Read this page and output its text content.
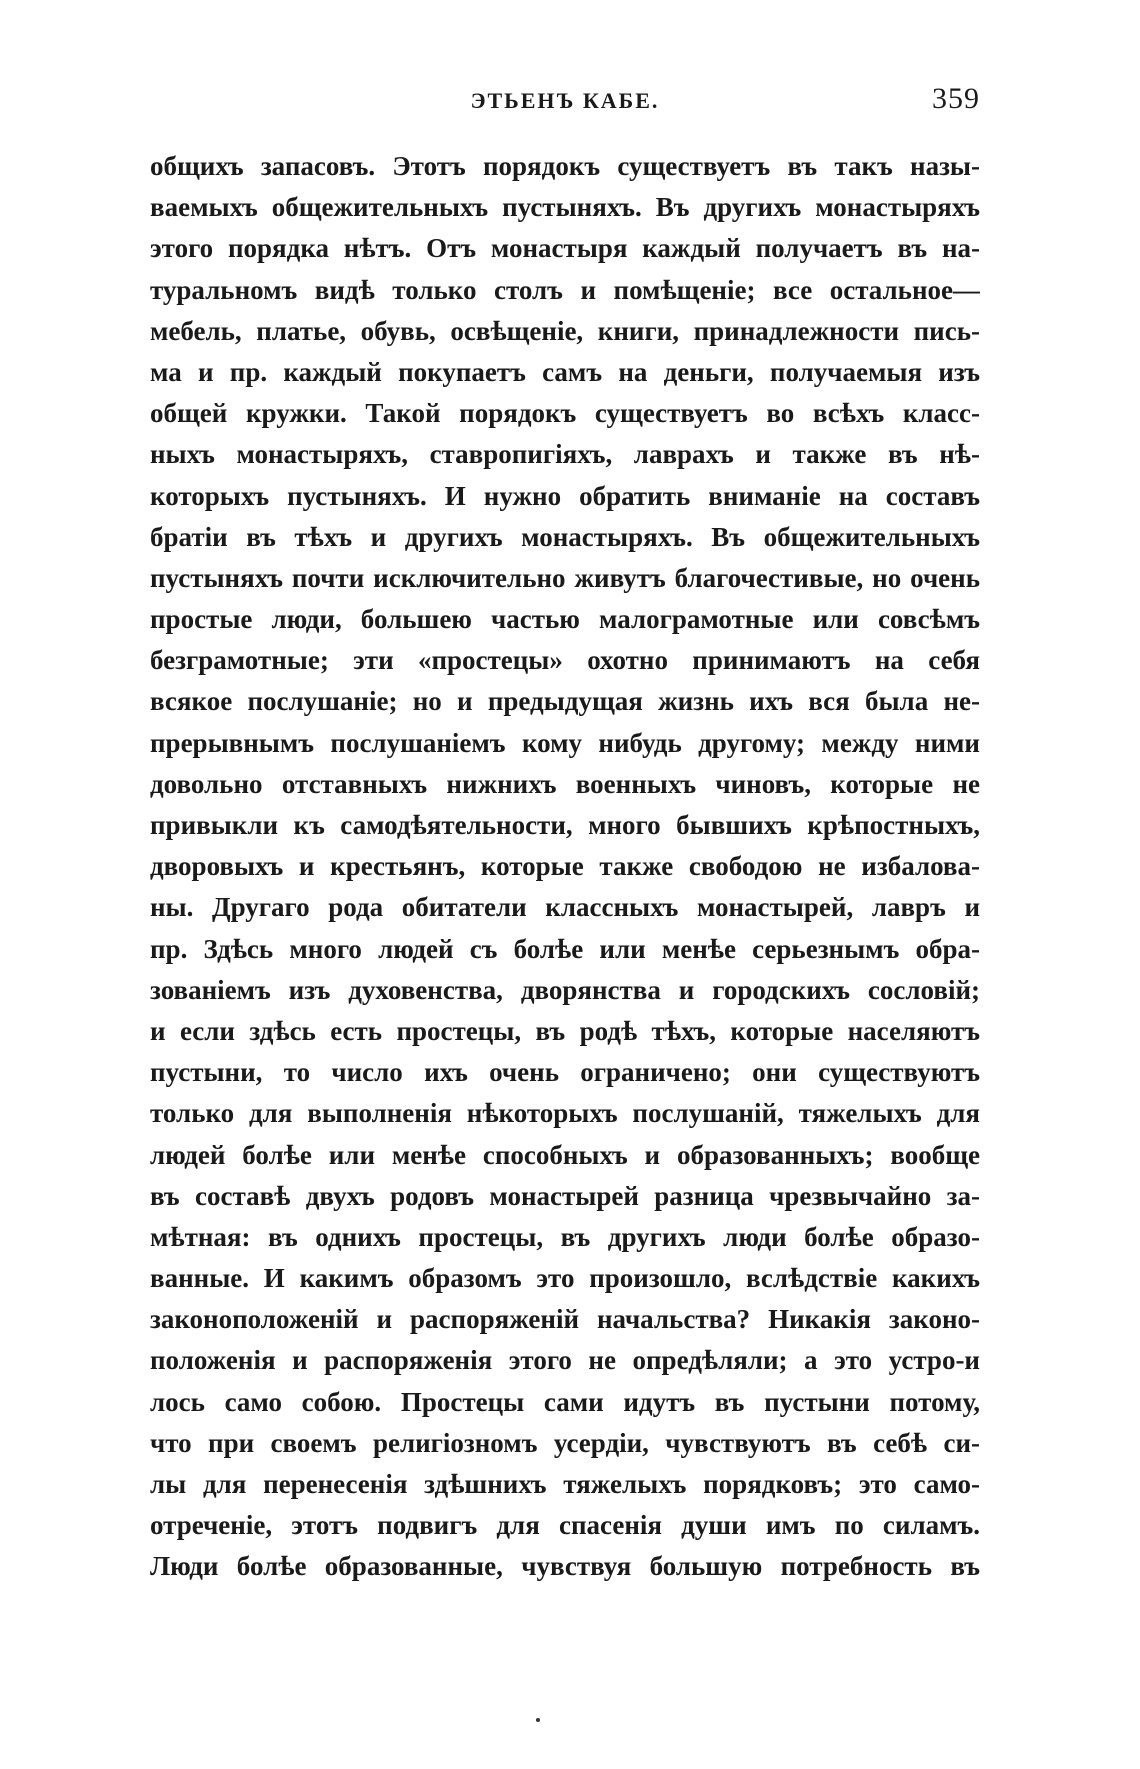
ЭТЬЕНЪ КАБЕ.	359
общихъ запасовъ. Этотъ порядокъ существуетъ въ такъ назы-
ваемыхъ общежительныхъ пустыняхъ. Въ другихъ монастыряхъ
этого порядка нѣтъ. Отъ монастыря каждый получаетъ въ на-
туральномъ видѣ только столъ и помѣщеніе; все остальное—
мебель, платье, обувь, освѣщеніе, книги, принадлежности пись-
ма и пр. каждый покупаетъ самъ на деньги, получаемыя изъ
общей кружки. Такой порядокъ существуетъ во всѣхъ класс-
ныхъ монастыряхъ, ставропигіяхъ, лаврахъ и также въ нѣ-
которыхъ пустыняхъ. И нужно обратить вниманіе на составъ
братіи въ тѣхъ и другихъ монастыряхъ. Въ общежительныхъ
пустыняхъ почти исключительно живутъ благочестивые, но очень
простые люди, большею частью малограмотные или совсѣмъ
безграмотные; эти «простецы» охотно принимаютъ на себя
всякое послушаніе; но и предыдущая жизнь ихъ вся была не-
прерывнымъ послушаніемъ кому нибудь другому; между ними
довольно отставныхъ нижнихъ военныхъ чиновъ, которые не
привыкли къ самодѣятельности, много бывшихъ крѣпостныхъ,
дворовыхъ и крестьянъ, которые также свободою не избалова-
ны. Другаго рода обитатели классныхъ монастырей, лавръ и
пр. Здѣсь много людей съ болѣе или менѣе серьезнымъ обра-
зованіемъ изъ духовенства, дворянства и городскихъ сословій;
и если здѣсь есть простецы, въ родѣ тѣхъ, которые населяютъ
пустыни, то число ихъ очень ограничено; они существуютъ
только для выполненія нѣкоторыхъ послушаній, тяжелыхъ для
людей болѣе или менѣе способныхъ и образованныхъ; вообще
въ составѣ двухъ родовъ монастырей разница чрезвычайно за-
мѣтная: въ однихъ простецы, въ другихъ люди болѣе образо-
ванные. И какимъ образомъ это произошло, вслѣдствіе какихъ
законоположеній и распоряженій начальства? Никакія законо-
положенія и распоряженія этого не опредѣляли; а это устро-и
лось само собою. Простецы сами идутъ въ пустыни потому,
что при своемъ религіозномъ усердіи, чувствуютъ въ себѣ си-
лы для перенесенія здѣшнихъ тяжелыхъ порядковъ; это само-
отреченіе, этотъ подвигъ для спасенія души имъ по силамъ.
Люди болѣе образованные, чувствуя большую потребность въ
